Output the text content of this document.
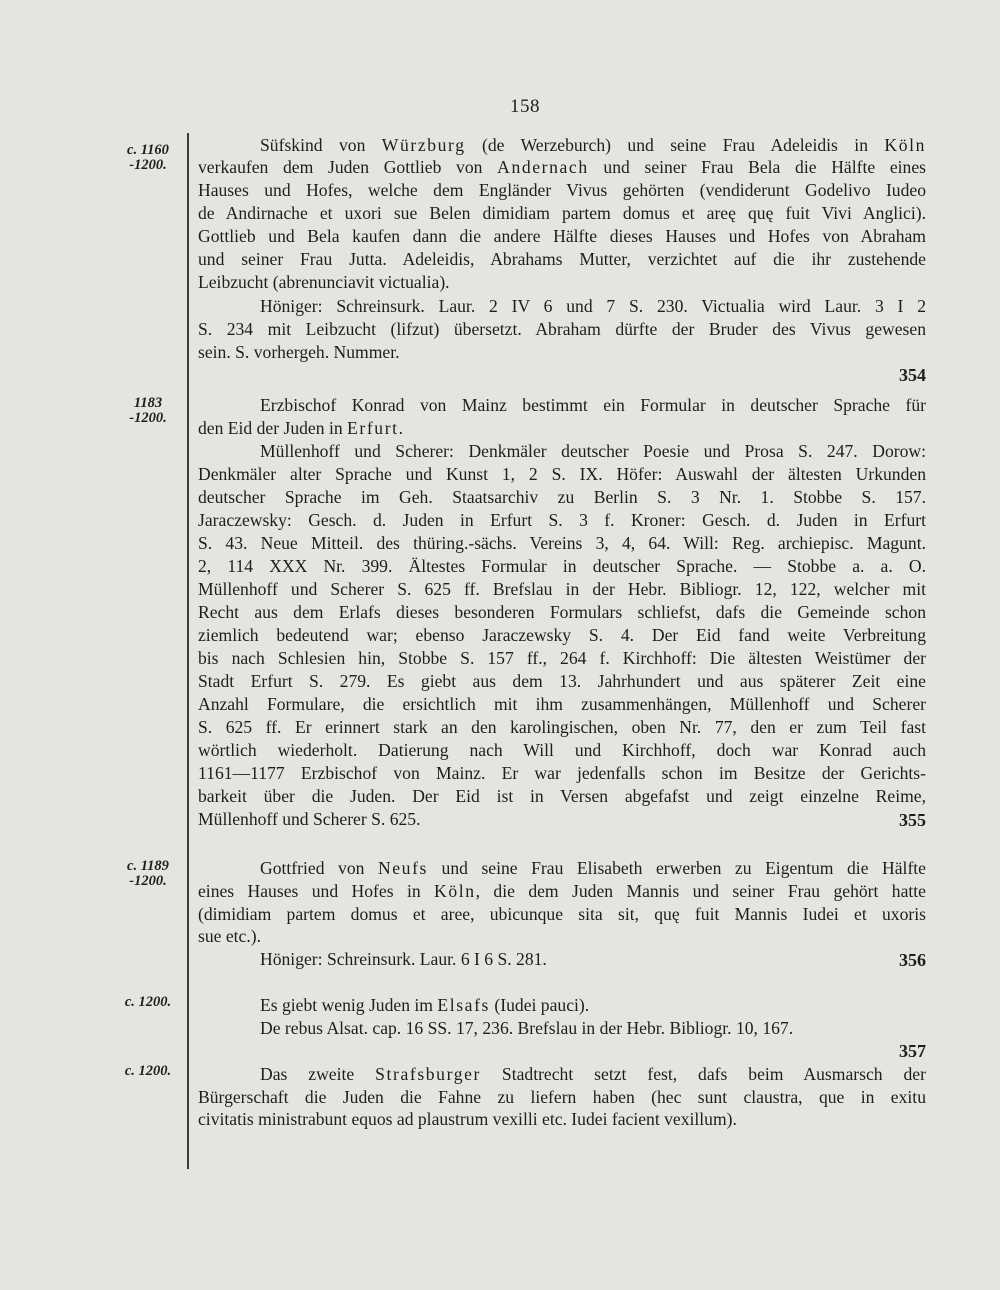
158
c. 1160
-1200.
Süfskind von Würzburg (de Werzeburch) und seine Frau Adeleidis in Köln
verkaufen dem Juden Gottlieb von Andernach und seiner Frau Bela die Hälfte eines
Hauses und Hofes, welche dem Engländer Vivus gehörten (vendiderunt Godelivo Iudeo
de Andirnache et uxori sue Belen dimidiam partem domus et areę quę fuit Vivi Anglici).
Gottlieb und Bela kaufen dann die andere Hälfte dieses Hauses und Hofes von Abraham
und seiner Frau Jutta. Adeleidis, Abrahams Mutter, verzichtet auf die ihr zustehende
Leibzucht (abrenunciavit victualia).
Höniger: Schreinsurk. Laur. 2 IV 6 und 7 S. 230. Victualia wird Laur. 3 I 2
S. 234 mit Leibzucht (lifzut) übersetzt. Abraham dürfte der Bruder des Vivus gewesen
sein. S. vorhergeh. Nummer.
354
1183
-1200.
Erzbischof Konrad von Mainz bestimmt ein Formular in deutscher Sprache für
den Eid der Juden in Erfurt.
Müllenhoff und Scherer: Denkmäler deutscher Poesie und Prosa S. 247. Dorow:
Denkmäler alter Sprache und Kunst 1, 2 S. IX. Höfer: Auswahl der ältesten Urkunden
deutscher Sprache im Geh. Staatsarchiv zu Berlin S. 3 Nr. 1. Stobbe S. 157.
Jaraczewsky: Gesch. d. Juden in Erfurt S. 3 f. Kroner: Gesch. d. Juden in Erfurt
S. 43. Neue Mitteil. des thüring.-sächs. Vereins 3, 4, 64. Will: Reg. archiepisc. Magunt.
2, 114 XXX Nr. 399. Ältestes Formular in deutscher Sprache. — Stobbe a. a. O.
Müllenhoff und Scherer S. 625 ff. Brefslau in der Hebr. Bibliogr. 12, 122, welcher mit
Recht aus dem Erlafs dieses besonderen Formulars schliefst, dafs die Gemeinde schon
ziemlich bedeutend war; ebenso Jaraczewsky S. 4. Der Eid fand weite Verbreitung
bis nach Schlesien hin, Stobbe S. 157 ff., 264 f. Kirchhoff: Die ältesten Weistümer der
Stadt Erfurt S. 279. Es giebt aus dem 13. Jahrhundert und aus späterer Zeit eine
Anzahl Formulare, die ersichtlich mit ihm zusammenhängen, Müllenhoff und Scherer
S. 625 ff. Er erinnert stark an den karolingischen, oben Nr. 77, den er zum Teil fast
wörtlich wiederholt. Datierung nach Will und Kirchhoff, doch war Konrad auch
1161—1177 Erzbischof von Mainz. Er war jedenfalls schon im Besitze der Gerichts-
barkeit über die Juden. Der Eid ist in Versen abgefafst und zeigt einzelne Reime,
Müllenhoff und Scherer S. 625.	355
c. 1189
-1200.
Gottfried von Neufs und seine Frau Elisabeth erwerben zu Eigentum die Hälfte
eines Hauses und Hofes in Köln, die dem Juden Mannis und seiner Frau gehört hatte
(dimidiam partem domus et aree, ubicunque sita sit, quę fuit Mannis Iudei et uxoris
sue etc.).
Höniger: Schreinsurk. Laur. 6 I 6 S. 281.	356
c. 1200.	Es giebt wenig Juden im Elsafs (Iudei pauci).
De rebus Alsat. cap. 16 SS. 17, 236. Brefslau in der Hebr. Bibliogr. 10, 167.
357
c. 1200.	Das zweite Strafsburger Stadtrecht setzt fest, dafs beim Ausmarsch der
Bürgerschaft die Juden die Fahne zu liefern haben (hec sunt claustra, que in exitu
civitatis ministrabunt equos ad plaustrum vexilli etc. Iudei facient vexillum).
